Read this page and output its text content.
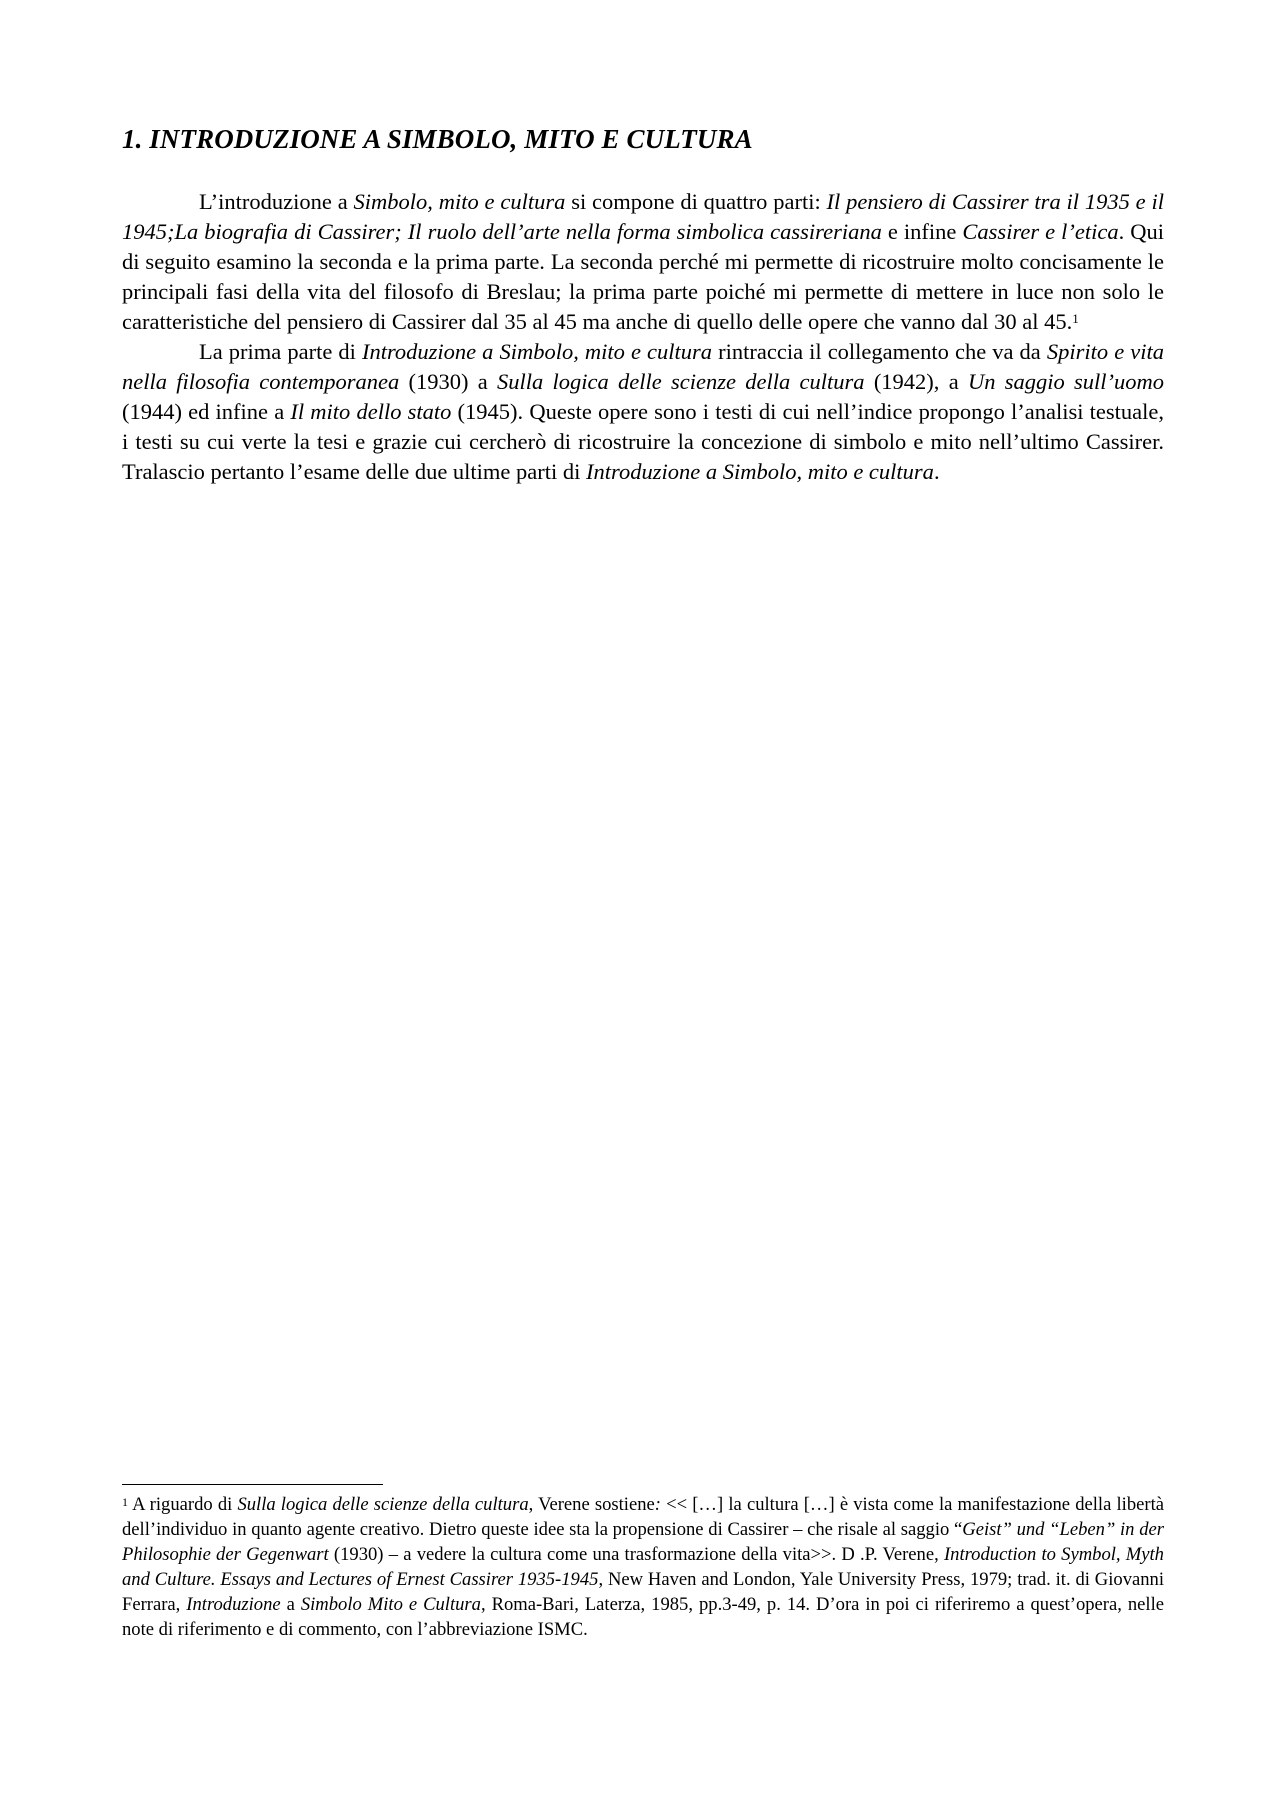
1. INTRODUZIONE A SIMBOLO, MITO E CULTURA

L’introduzione a Simbolo, mito e cultura si compone di quattro parti: Il pensiero di Cassirer tra il 1935 e il 1945;La biografia di Cassirer; Il ruolo dell’arte nella forma simbolica cassireriana e infine Cassirer e l’etica. Qui di seguito esamino la seconda e la prima parte. La seconda perché mi permette di ricostruire molto concisamente le principali fasi della vita del filosofo di Breslau; la prima parte poiché mi permette di mettere in luce non solo le caratteristiche del pensiero di Cassirer dal 35 al 45 ma anche di quello delle opere che vanno dal 30 al 45.$^1$

La prima parte di Introduzione a Simbolo, mito e cultura rintraccia il collegamento che va da Spirito e vita nella filosofia contemporanea (1930) a Sulla logica delle scienze della cultura (1942), a Un saggio sull’uomo (1944) ed infine a Il mito dello stato (1945). Queste opere sono i testi di cui nell’indice propongo l’analisi testuale, i testi su cui verte la tesi e grazie cui cercherò di ricostruire la concezione di simbolo e mito nell’ultimo Cassirer. Tralascio pertanto l’esame delle due ultime parti di Introduzione a Simbolo, mito e cultura.

$^1$ A riguardo di Sulla logica delle scienze della cultura, Verene sostiene: << […] la cultura […] è vista come la manifestazione della libertà dell’individuo in quanto agente creativo. Dietro queste idee sta la propensione di Cassirer – che risale al saggio “Geist” und “Leben” in der Philosophie der Gegenwart (1930) – a vedere la cultura come una trasformazione della vita>>. D .P. Verene, Introduction to Symbol, Myth and Culture. Essays and Lectures of Ernest Cassirer 1935-1945, New Haven and London, Yale University Press, 1979; trad. it. di Giovanni Ferrara, Introduzione a Simbolo Mito e Cultura, Roma-Bari, Laterza, 1985, pp.3-49, p. 14. D’ora in poi ci riferiremo a quest’opera, nelle note di riferimento e di commento, con l’abbreviazione ISMC.
